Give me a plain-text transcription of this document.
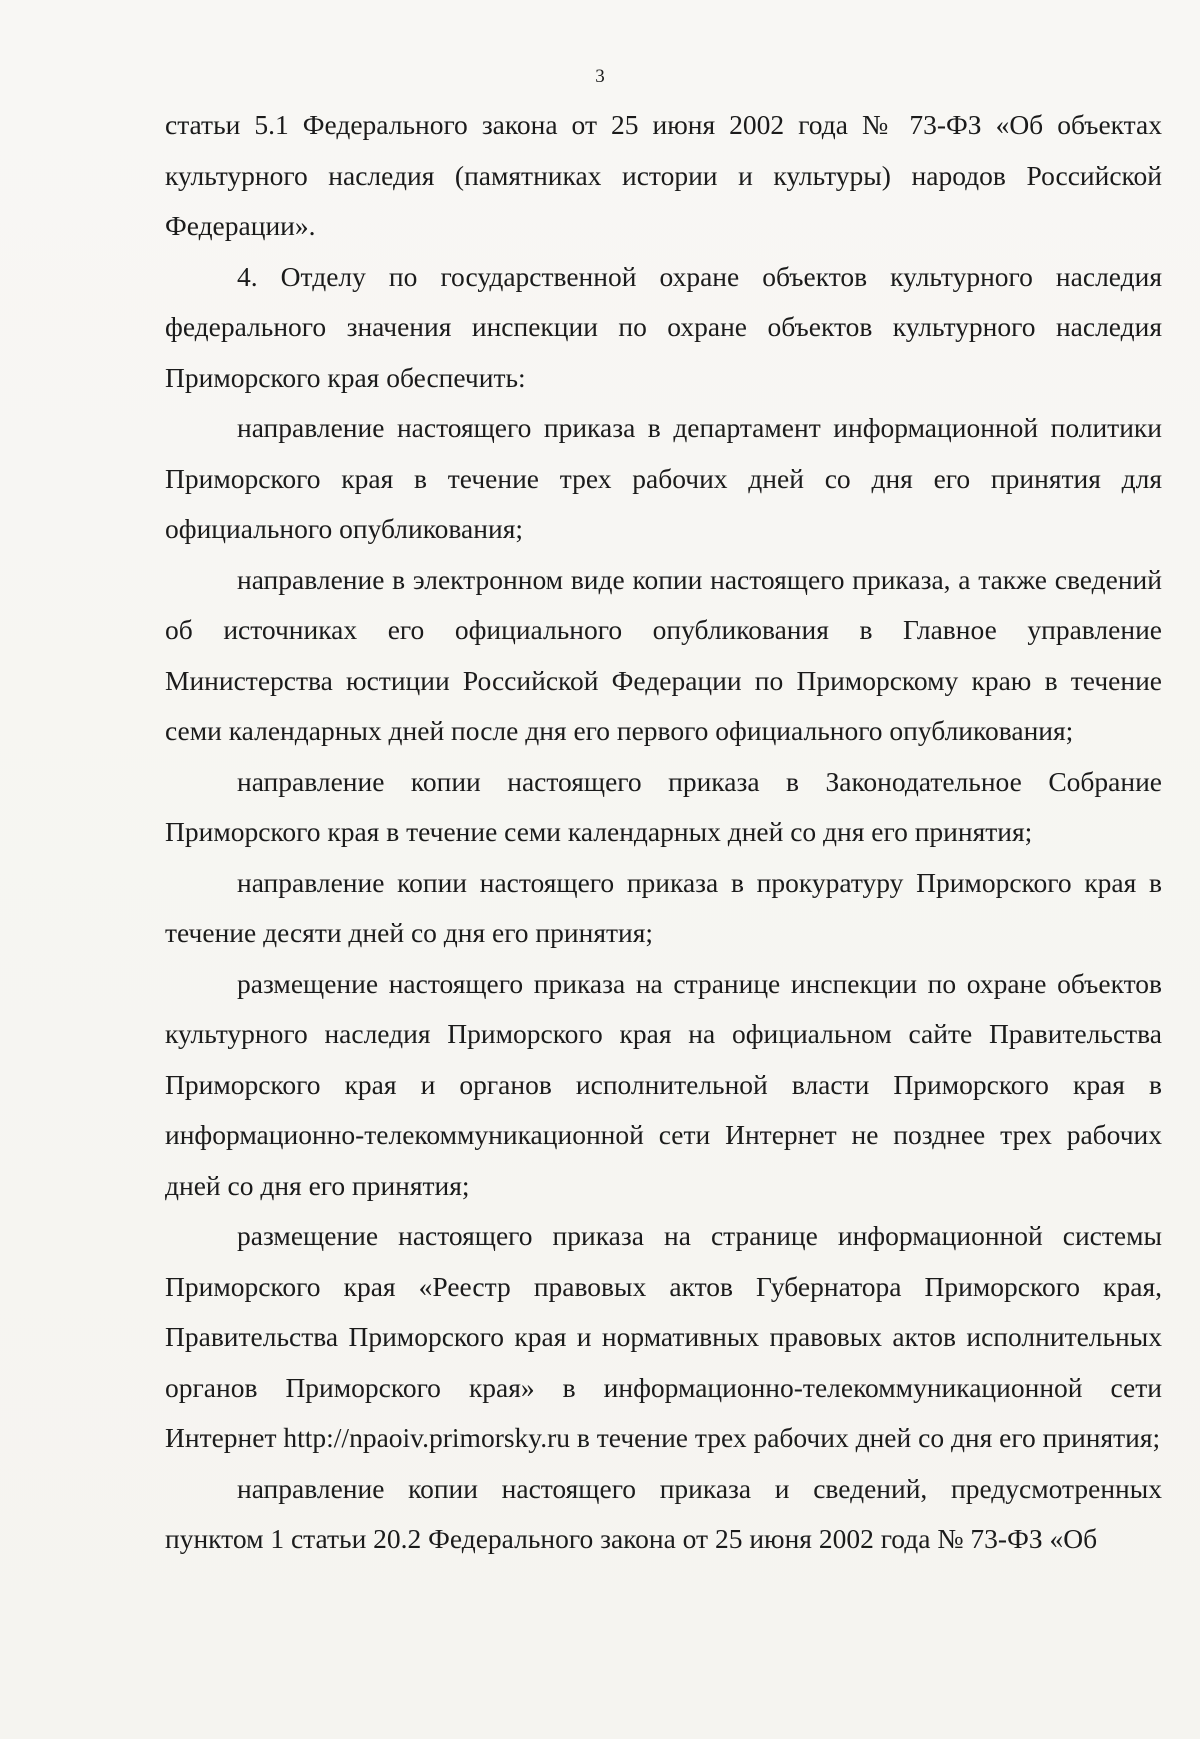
3

статьи 5.1 Федерального закона от 25 июня 2002 года № 73-ФЗ «Об объектах культурного наследия (памятниках истории и культуры) народов Российской Федерации».

4. Отделу по государственной охране объектов культурного наследия федерального значения инспекции по охране объектов культурного наследия Приморского края обеспечить:

направление настоящего приказа в департамент информационной политики Приморского края в течение трех рабочих дней со дня его принятия для официального опубликования;

направление в электронном виде копии настоящего приказа, а также сведений об источниках его официального опубликования в Главное управление Министерства юстиции Российской Федерации по Приморскому краю в течение семи календарных дней после дня его первого официального опубликования;

направление копии настоящего приказа в Законодательное Собрание Приморского края в течение семи календарных дней со дня его принятия;

направление копии настоящего приказа в прокуратуру Приморского края в течение десяти дней со дня его принятия;

размещение настоящего приказа на странице инспекции по охране объектов культурного наследия Приморского края на официальном сайте Правительства Приморского края и органов исполнительной власти Приморского края в информационно-телекоммуникационной сети Интернет не позднее трех рабочих дней со дня его принятия;

размещение настоящего приказа на странице информационной системы Приморского края «Реестр правовых актов Губернатора Приморского края, Правительства Приморского края и нормативных правовых актов исполнительных органов Приморского края» в информационно-телекоммуникационной сети Интернет http://npaoiv.primorsky.ru в течение трех рабочих дней со дня его принятия;

направление копии настоящего приказа и сведений, предусмотренных пунктом 1 статьи 20.2 Федерального закона от 25 июня 2002 года № 73-ФЗ «Об
